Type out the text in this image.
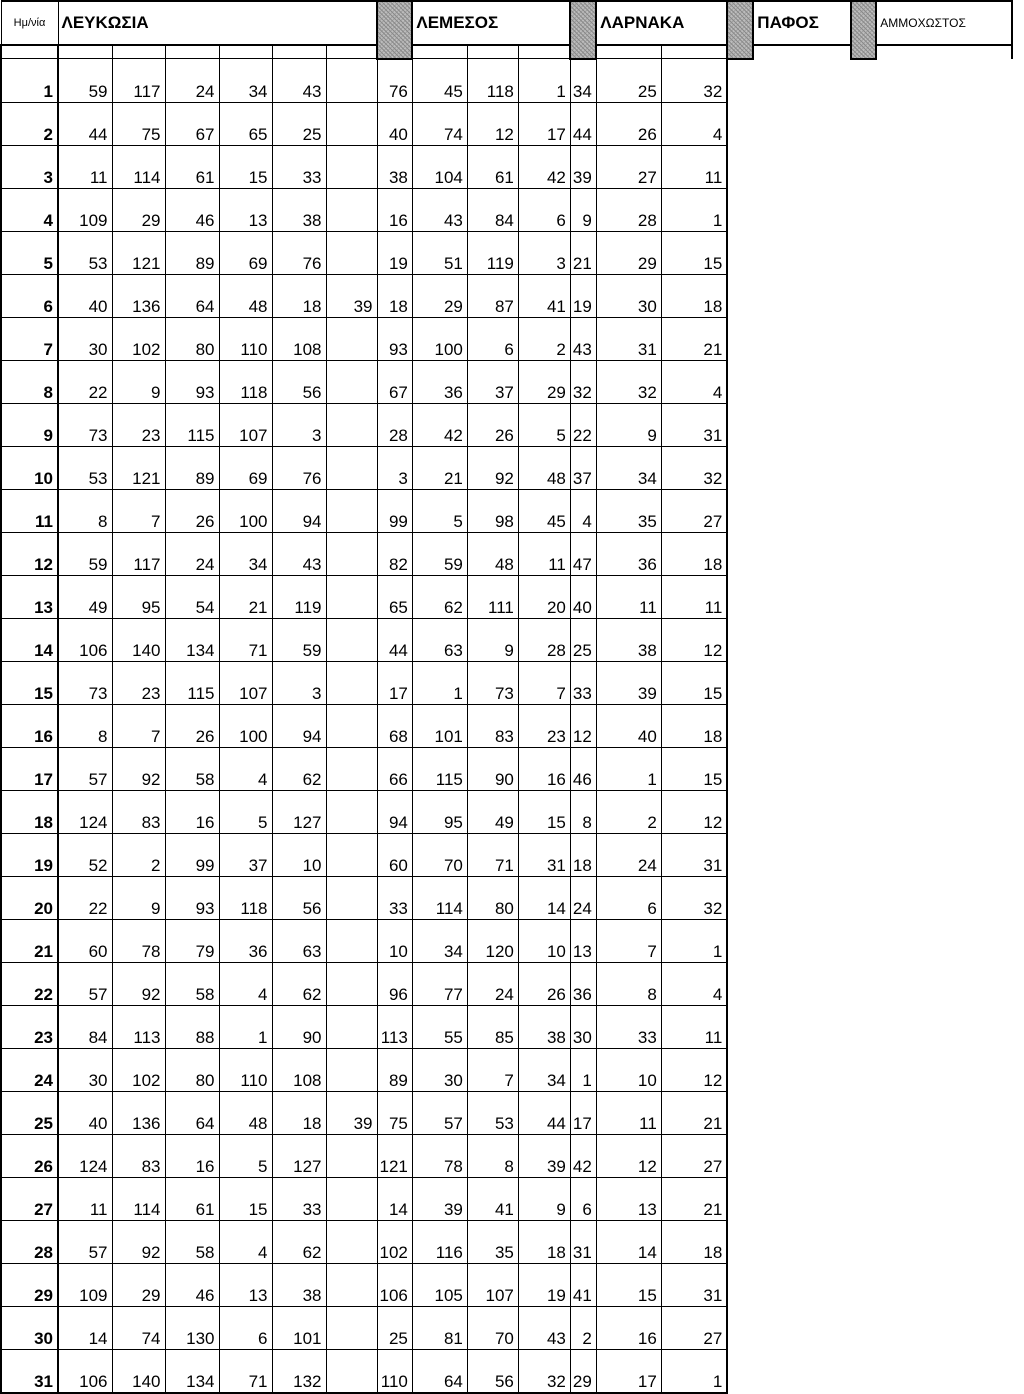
Ημ/νία	ΛΕΥΚΩΣΙΑ							ΛΕΜΕΣΟΣ				ΛΑΡΝΑΚΑ			ΠΑΦΟΣ		ΑΜΜΟΧΩΣΤΟΣ

1	59	117	24	34	43		76	45	118	1	34	25	32				
2	44	75	67	65	25		40	74	12	17	44	26	4				
3	11	114	61	15	33		38	104	61	42	39	27	11				
4	109	29	46	13	38		16	43	84	6	9	28	1				
5	53	121	89	69	76		19	51	119	3	21	29	15				
6	40	136	64	48	18	39	18	29	87	41	19	30	18				
7	30	102	80	110	108		93	100	6	2	43	31	21				
8	22	9	93	118	56		67	36	37	29	32	32	4				
9	73	23	115	107	3		28	42	26	5	22	9	31				
10	53	121	89	69	76		3	21	92	48	37	34	32				
11	8	7	26	100	94		99	5	98	45	4	35	27				
12	59	117	24	34	43		82	59	48	11	47	36	18				
13	49	95	54	21	119		65	62	111	20	40	11	11				
14	106	140	134	71	59		44	63	9	28	25	38	12				
15	73	23	115	107	3		17	1	73	7	33	39	15				
16	8	7	26	100	94		68	101	83	23	12	40	18				
17	57	92	58	4	62		66	115	90	16	46	1	15				
18	124	83	16	5	127		94	95	49	15	8	2	12				
19	52	2	99	37	10		60	70	71	31	18	24	31				
20	22	9	93	118	56		33	114	80	14	24	6	32				
21	60	78	79	36	63		10	34	120	10	13	7	1				
22	57	92	58	4	62		96	77	24	26	36	8	4				
23	84	113	88	1	90		113	55	85	38	30	33	11				
24	30	102	80	110	108		89	30	7	34	1	10	12				
25	40	136	64	48	18	39	75	57	53	44	17	11	21				
26	124	83	16	5	127		121	78	8	39	42	12	27				
27	11	114	61	15	33		14	39	41	9	6	13	21				
28	57	92	58	4	62		102	116	35	18	31	14	18				
29	109	29	46	13	38		106	105	107	19	41	15	31				
30	14	74	130	6	101		25	81	70	43	2	16	27				
31	106	140	134	71	132		110	64	56	32	29	17	1				
